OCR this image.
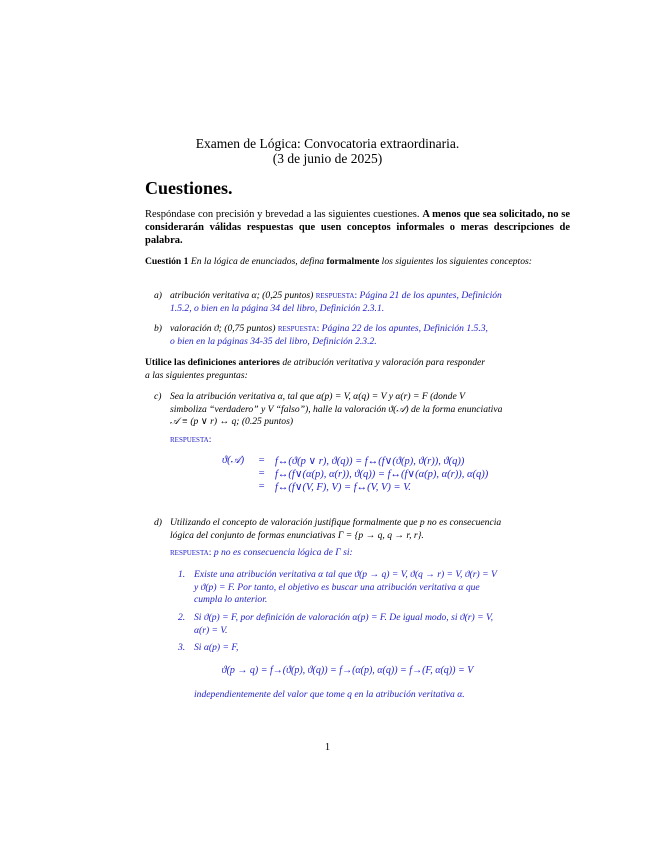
Examen de Lógica: Convocatoria extraordinaria.
(3 de junio de 2025)
Cuestiones.
Respóndase con precisión y brevedad a las siguientes cuestiones. A menos que sea solicitado, no se considerarán válidas respuestas que usen conceptos informales o meras descripciones de palabra.
Cuestión 1 En la lógica de enunciados, defina formalmente los siguientes los siguientes conceptos:
a) atribución veritativa α; (0,25 puntos) respuesta: Página 21 de los apuntes, Definición
1.5.2, o bien en la página 34 del libro, Definición 2.3.1.
b) valoración ϑ; (0,75 puntos) respuesta: Página 22 de los apuntes, Definición 1.5.3,
o bien en la páginas 34-35 del libro, Definición 2.3.2.
Utilice las definiciones anteriores de atribución veritativa y valoración para responder
a las siguientes preguntas:
c) Sea la atribución veritativa α, tal que α(p) = V, α(q) = V y α(r) = F (donde V
simboliza “verdadero” y V “falso”), halle la valoración ϑ(𝒜) de la forma enunciativa
𝒜 ≡ (p ∨ r) ↔ q; (0.25 puntos)
respuesta:
ϑ(𝒜) = f↔(ϑ(p ∨ r), ϑ(q)) = f↔(f∨(ϑ(p), ϑ(r)), ϑ(q))
= f↔(f∨(α(p), α(r)), ϑ(q)) = f↔(f∨(α(p), α(r)), α(q))
= f↔(f∨(V, F), V) = f↔(V, V) = V.
d) Utilizando el concepto de valoración justifique formalmente que p no es consecuencia
lógica del conjunto de formas enunciativas Γ = {p → q, q → r, r}.
respuesta: p no es consecuencia lógica de Γ si:
1. Existe una atribución veritativa α tal que ϑ(p → q) = V, ϑ(q → r) = V, ϑ(r) = V
y ϑ(p) = F. Por tanto, el objetivo es buscar una atribución veritativa α que
cumpla lo anterior.
2. Si ϑ(p) = F, por definición de valoración α(p) = F. De igual modo, si ϑ(r) = V,
α(r) = V.
3. Si α(p) = F,
ϑ(p → q) = f→(ϑ(p), ϑ(q)) = f→(α(p), α(q)) = f→(F, α(q)) = V
independientemente del valor que tome q en la atribución veritativa α.
1
